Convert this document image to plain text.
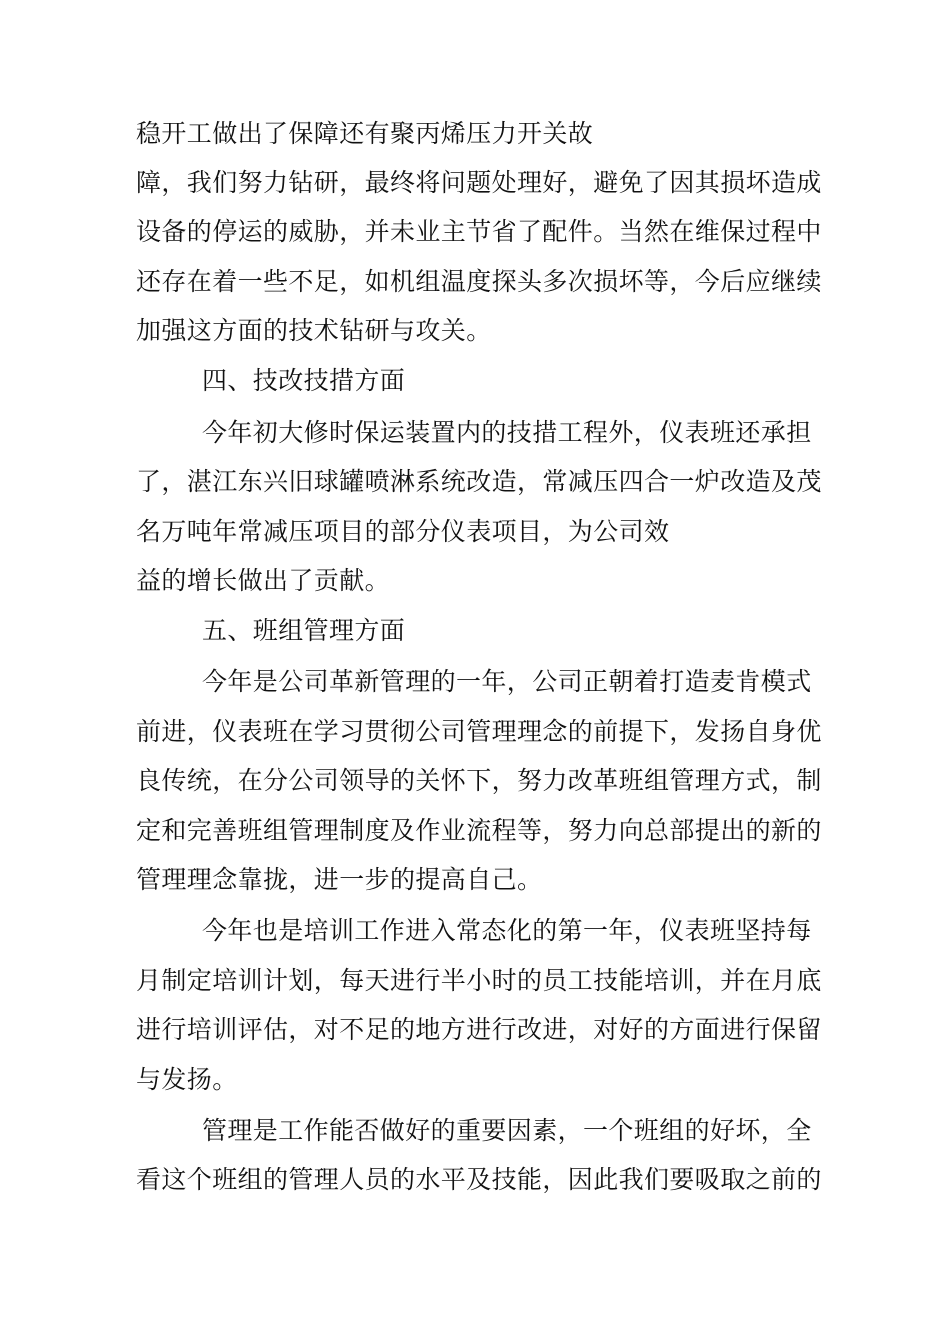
稳开工做出了保障还有聚丙烯压力开关故
障，我们努力钻研，最终将问题处理好，避免了因其损坏造成
设备的停运的威胁，并未业主节省了配件。当然在维保过程中
还存在着一些不足，如机组温度探头多次损坏等，今后应继续
加强这方面的技术钻研与攻关。
四、技改技措方面
今年初大修时保运装置内的技措工程外，仪表班还承担
了，湛江东兴旧球罐喷淋系统改造，常减压四合一炉改造及茂
名万吨年常减压项目的部分仪表项目，为公司效
益的增长做出了贡献。
五、班组管理方面
今年是公司革新管理的一年，公司正朝着打造麦肯模式
前进，仪表班在学习贯彻公司管理理念的前提下，发扬自身优
良传统，在分公司领导的关怀下，努力改革班组管理方式，制
定和完善班组管理制度及作业流程等，努力向总部提出的新的
管理理念靠拢，进一步的提高自己。
今年也是培训工作进入常态化的第一年，仪表班坚持每
月制定培训计划，每天进行半小时的员工技能培训，并在月底
进行培训评估，对不足的地方进行改进，对好的方面进行保留
与发扬。
管理是工作能否做好的重要因素，一个班组的好坏，全
看这个班组的管理人员的水平及技能，因此我们要吸取之前的
